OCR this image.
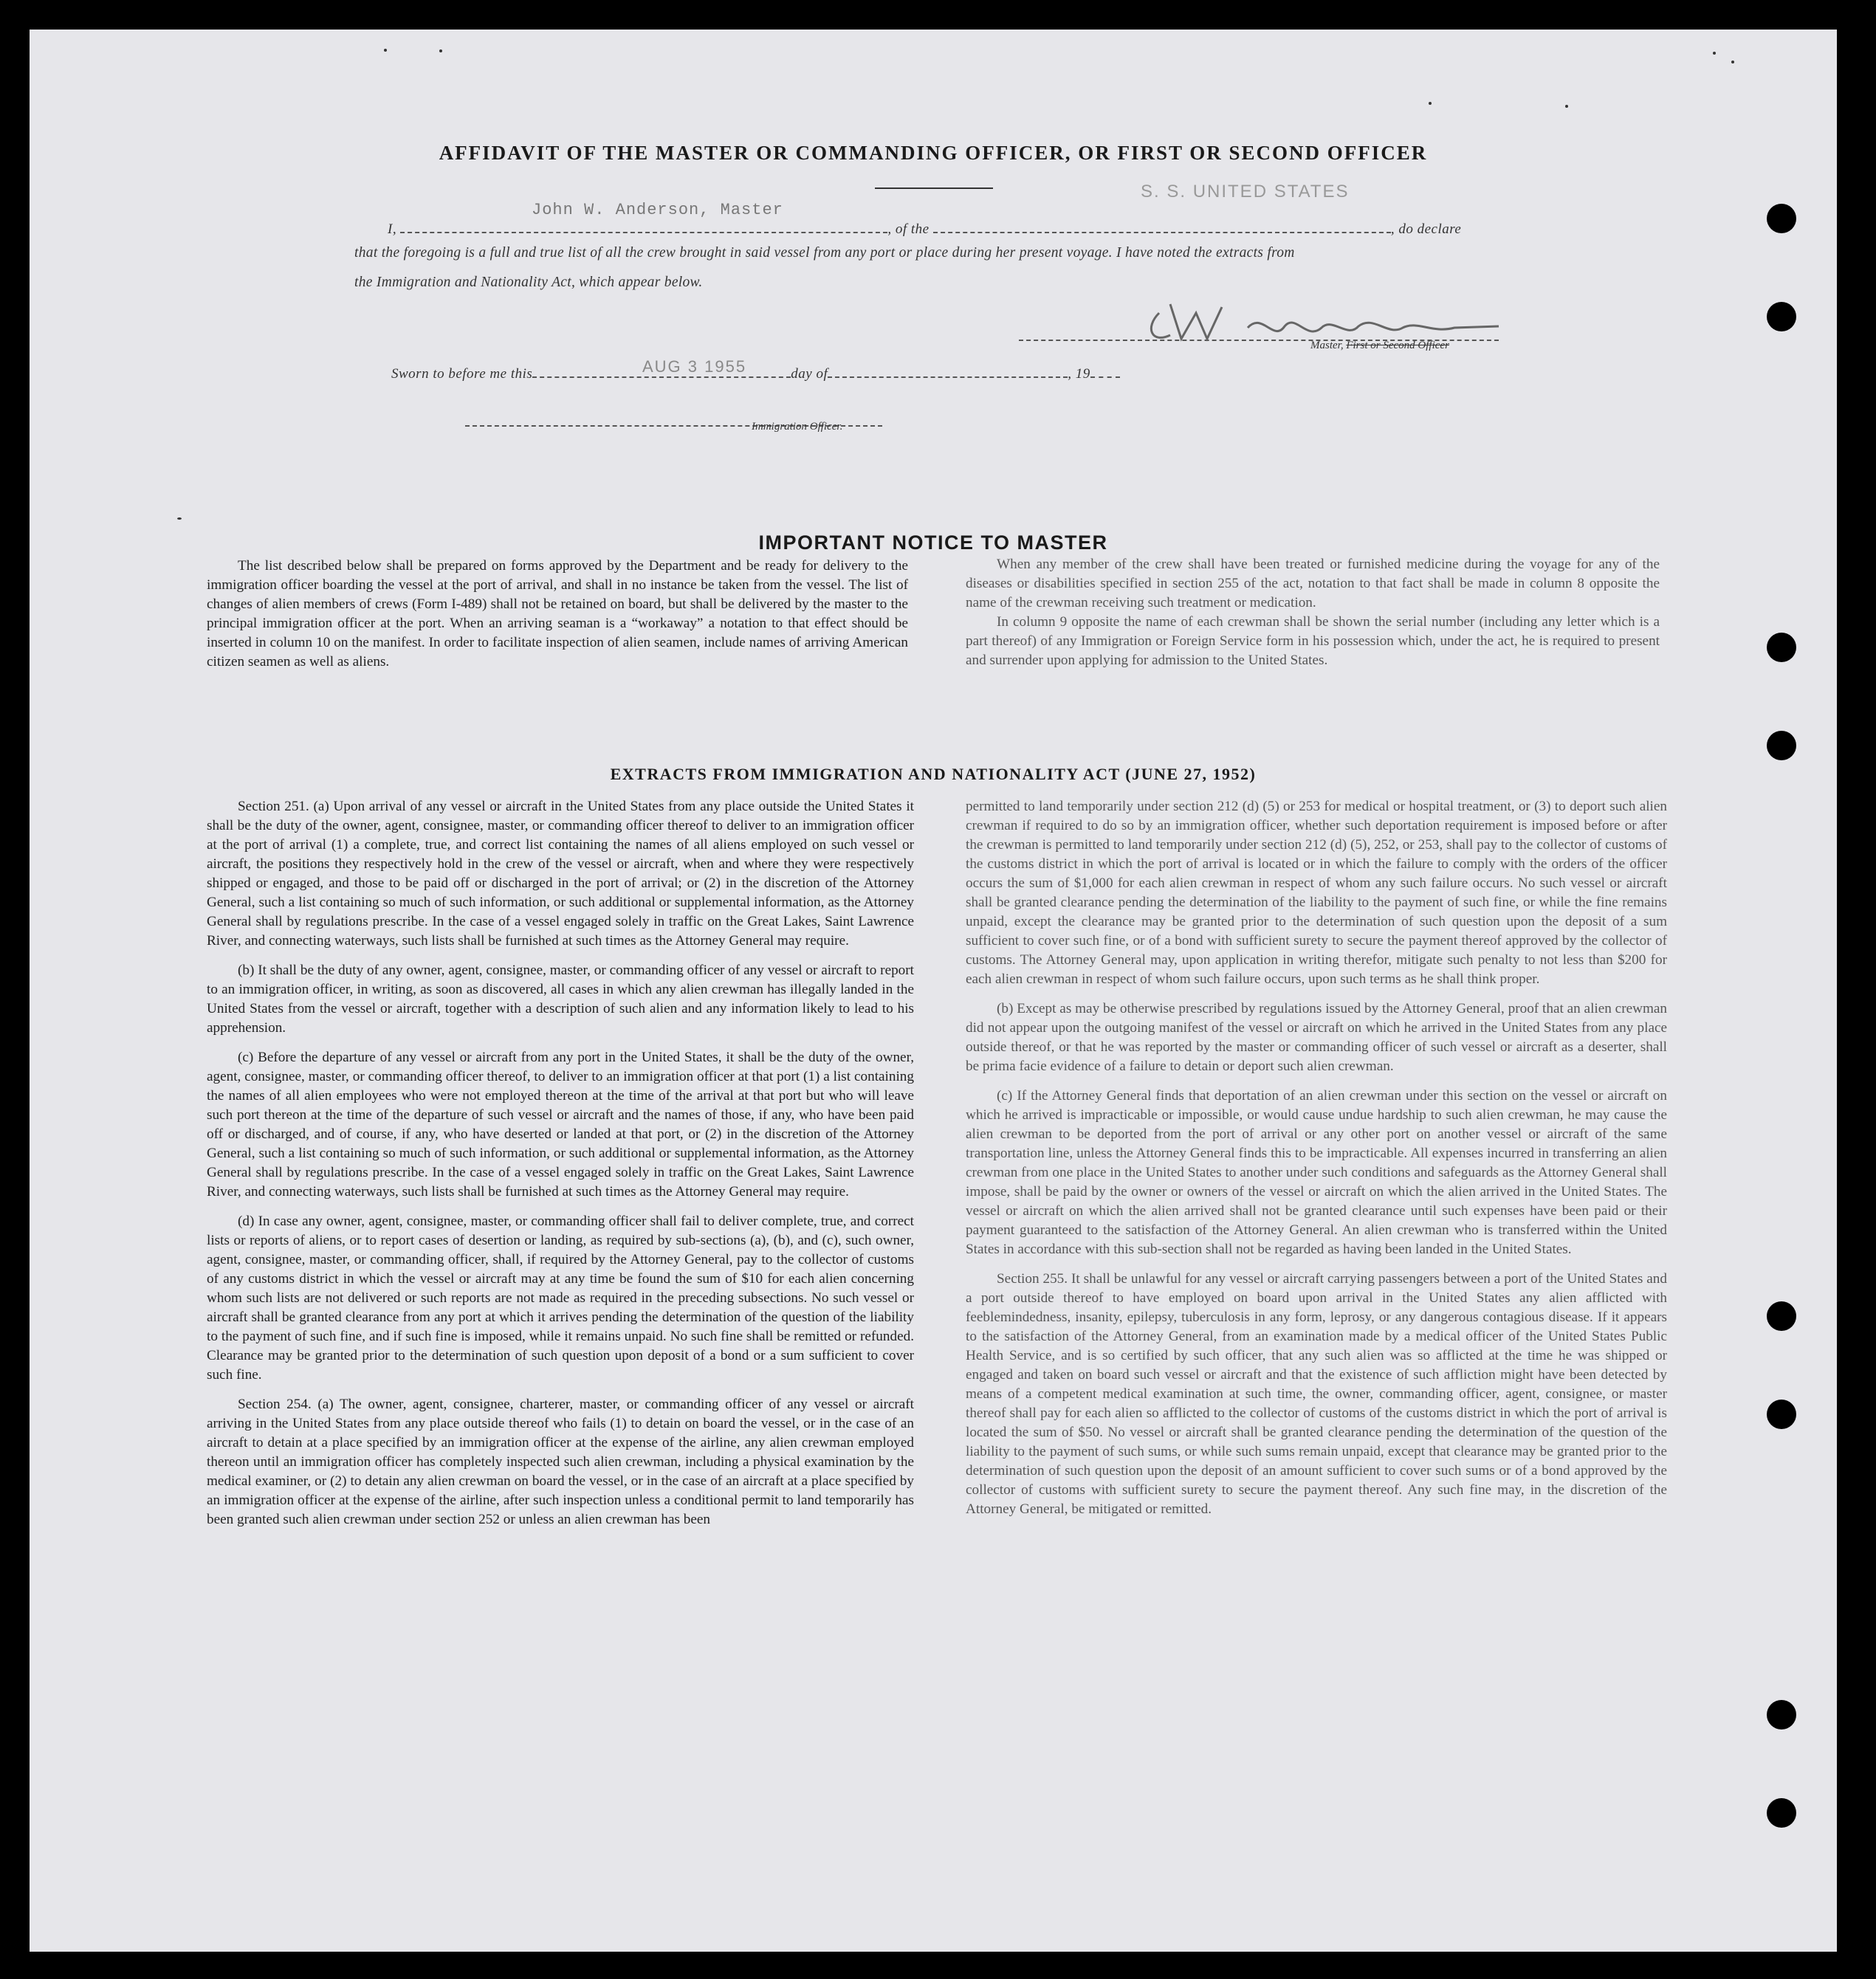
AFFIDAVIT OF THE MASTER OR COMMANDING OFFICER, OR FIRST OR SECOND OFFICER
John W. Anderson, Master
S. S. UNITED STATES
I,	, of the	, do declare
that the foregoing is a full and true list of all the crew brought in said vessel from any port or place during her present voyage. I have noted the extracts from
the Immigration and Nationality Act, which appear below.
Master, First or Second Officer
Sworn to before me this	day of	, 19
AUG 3 1955
Immigration Officer.
IMPORTANT NOTICE TO MASTER

The list described below shall be prepared on forms approved by the Department and be ready for delivery to the immigration officer boarding the vessel at the port of arrival, and shall in no instance be taken from the vessel. The list of changes of alien members of crews (Form I-489) shall not be retained on board, but shall be delivered by the master to the principal immigration officer at the port. When an arriving seaman is a “workaway” a notation to that effect should be inserted in column 10 on the manifest. In order to facilitate inspection of alien seamen, include names of arriving American citizen seamen as well as aliens.

When any member of the crew shall have been treated or furnished medicine during the voyage for any of the diseases or disabilities specified in section 255 of the act, notation to that fact shall be made in column 8 opposite the name of the crewman receiving such treatment or medication.

In column 9 opposite the name of each crewman shall be shown the serial number (including any letter which is a part thereof) of any Immigration or Foreign Service form in his possession which, under the act, he is required to present and surrender upon applying for admission to the United States.

EXTRACTS FROM IMMIGRATION AND NATIONALITY ACT (JUNE 27, 1952)

Section 251. (a) Upon arrival of any vessel or aircraft in the United States from any place outside the United States it shall be the duty of the owner, agent, consignee, master, or commanding officer thereof to deliver to an immigration officer at the port of arrival (1) a complete, true, and correct list containing the names of all aliens employed on such vessel or aircraft, the positions they respectively hold in the crew of the vessel or aircraft, when and where they were respectively shipped or engaged, and those to be paid off or discharged in the port of arrival; or (2) in the discretion of the Attorney General, such a list containing so much of such information, or such additional or supplemental information, as the Attorney General shall by regulations prescribe. In the case of a vessel engaged solely in traffic on the Great Lakes, Saint Lawrence River, and connecting waterways, such lists shall be furnished at such times as the Attorney General may require.

(b) It shall be the duty of any owner, agent, consignee, master, or commanding officer of any vessel or aircraft to report to an immigration officer, in writing, as soon as discovered, all cases in which any alien crewman has illegally landed in the United States from the vessel or aircraft, together with a description of such alien and any information likely to lead to his apprehension.

(c) Before the departure of any vessel or aircraft from any port in the United States, it shall be the duty of the owner, agent, consignee, master, or commanding officer thereof, to deliver to an immigration officer at that port (1) a list containing the names of all alien employees who were not employed thereon at the time of the arrival at that port but who will leave such port thereon at the time of the departure of such vessel or aircraft and the names of those, if any, who have been paid off or discharged, and of course, if any, who have deserted or landed at that port, or (2) in the discretion of the Attorney General, such a list containing so much of such information, or such additional or supplemental information, as the Attorney General shall by regulations prescribe. In the case of a vessel engaged solely in traffic on the Great Lakes, Saint Lawrence River, and connecting waterways, such lists shall be furnished at such times as the Attorney General may require.

(d) In case any owner, agent, consignee, master, or commanding officer shall fail to deliver complete, true, and correct lists or reports of aliens, or to report cases of desertion or landing, as required by sub-sections (a), (b), and (c), such owner, agent, consignee, master, or commanding officer, shall, if required by the Attorney General, pay to the collector of customs of any customs district in which the vessel or aircraft may at any time be found the sum of $10 for each alien concerning whom such lists are not delivered or such reports are not made as required in the preceding subsections. No such vessel or aircraft shall be granted clearance from any port at which it arrives pending the determination of the question of the liability to the payment of such fine, and if such fine is imposed, while it remains unpaid. No such fine shall be remitted or refunded. Clearance may be granted prior to the determination of such question upon deposit of a bond or a sum sufficient to cover such fine.

Section 254. (a) The owner, agent, consignee, charterer, master, or commanding officer of any vessel or aircraft arriving in the United States from any place outside thereof who fails (1) to detain on board the vessel, or in the case of an aircraft to detain at a place specified by an immigration officer at the expense of the airline, any alien crewman employed thereon until an immigration officer has completely inspected such alien crewman, including a physical examination by the medical examiner, or (2) to detain any alien crewman on board the vessel, or in the case of an aircraft at a place specified by an immigration officer at the expense of the airline, after such inspection unless a conditional permit to land temporarily has been granted such alien crewman under section 252 or unless an alien crewman has been

permitted to land temporarily under section 212 (d) (5) or 253 for medical or hospital treatment, or (3) to deport such alien crewman if required to do so by an immigration officer, whether such deportation requirement is imposed before or after the crewman is permitted to land temporarily under section 212 (d) (5), 252, or 253, shall pay to the collector of customs of the customs district in which the port of arrival is located or in which the failure to comply with the orders of the officer occurs the sum of $1,000 for each alien crewman in respect of whom any such failure occurs. No such vessel or aircraft shall be granted clearance pending the determination of the liability to the payment of such fine, or while the fine remains unpaid, except the clearance may be granted prior to the determination of such question upon the deposit of a sum sufficient to cover such fine, or of a bond with sufficient surety to secure the payment thereof approved by the collector of customs. The Attorney General may, upon application in writing therefor, mitigate such penalty to not less than $200 for each alien crewman in respect of whom such failure occurs, upon such terms as he shall think proper.

(b) Except as may be otherwise prescribed by regulations issued by the Attorney General, proof that an alien crewman did not appear upon the outgoing manifest of the vessel or aircraft on which he arrived in the United States from any place outside thereof, or that he was reported by the master or commanding officer of such vessel or aircraft as a deserter, shall be prima facie evidence of a failure to detain or deport such alien crewman.

(c) If the Attorney General finds that deportation of an alien crewman under this section on the vessel or aircraft on which he arrived is impracticable or impossible, or would cause undue hardship to such alien crewman, he may cause the alien crewman to be deported from the port of arrival or any other port on another vessel or aircraft of the same transportation line, unless the Attorney General finds this to be impracticable. All expenses incurred in transferring an alien crewman from one place in the United States to another under such conditions and safeguards as the Attorney General shall impose, shall be paid by the owner or owners of the vessel or aircraft on which the alien arrived in the United States. The vessel or aircraft on which the alien arrived shall not be granted clearance until such expenses have been paid or their payment guaranteed to the satisfaction of the Attorney General. An alien crewman who is transferred within the United States in accordance with this sub-section shall not be regarded as having been landed in the United States.

Section 255. It shall be unlawful for any vessel or aircraft carrying passengers between a port of the United States and a port outside thereof to have employed on board upon arrival in the United States any alien afflicted with feeblemindedness, insanity, epilepsy, tuberculosis in any form, leprosy, or any dangerous contagious disease. If it appears to the satisfaction of the Attorney General, from an examination made by a medical officer of the United States Public Health Service, and is so certified by such officer, that any such alien was so afflicted at the time he was shipped or engaged and taken on board such vessel or aircraft and that the existence of such affliction might have been detected by means of a competent medical examination at such time, the owner, commanding officer, agent, consignee, or master thereof shall pay for each alien so afflicted to the collector of customs of the customs district in which the port of arrival is located the sum of $50. No vessel or aircraft shall be granted clearance pending the determination of the question of the liability to the payment of such sums, or while such sums remain unpaid, except that clearance may be granted prior to the determination of such question upon the deposit of an amount sufficient to cover such sums or of a bond approved by the collector of customs with sufficient surety to secure the payment thereof. Any such fine may, in the discretion of the Attorney General, be mitigated or remitted.
